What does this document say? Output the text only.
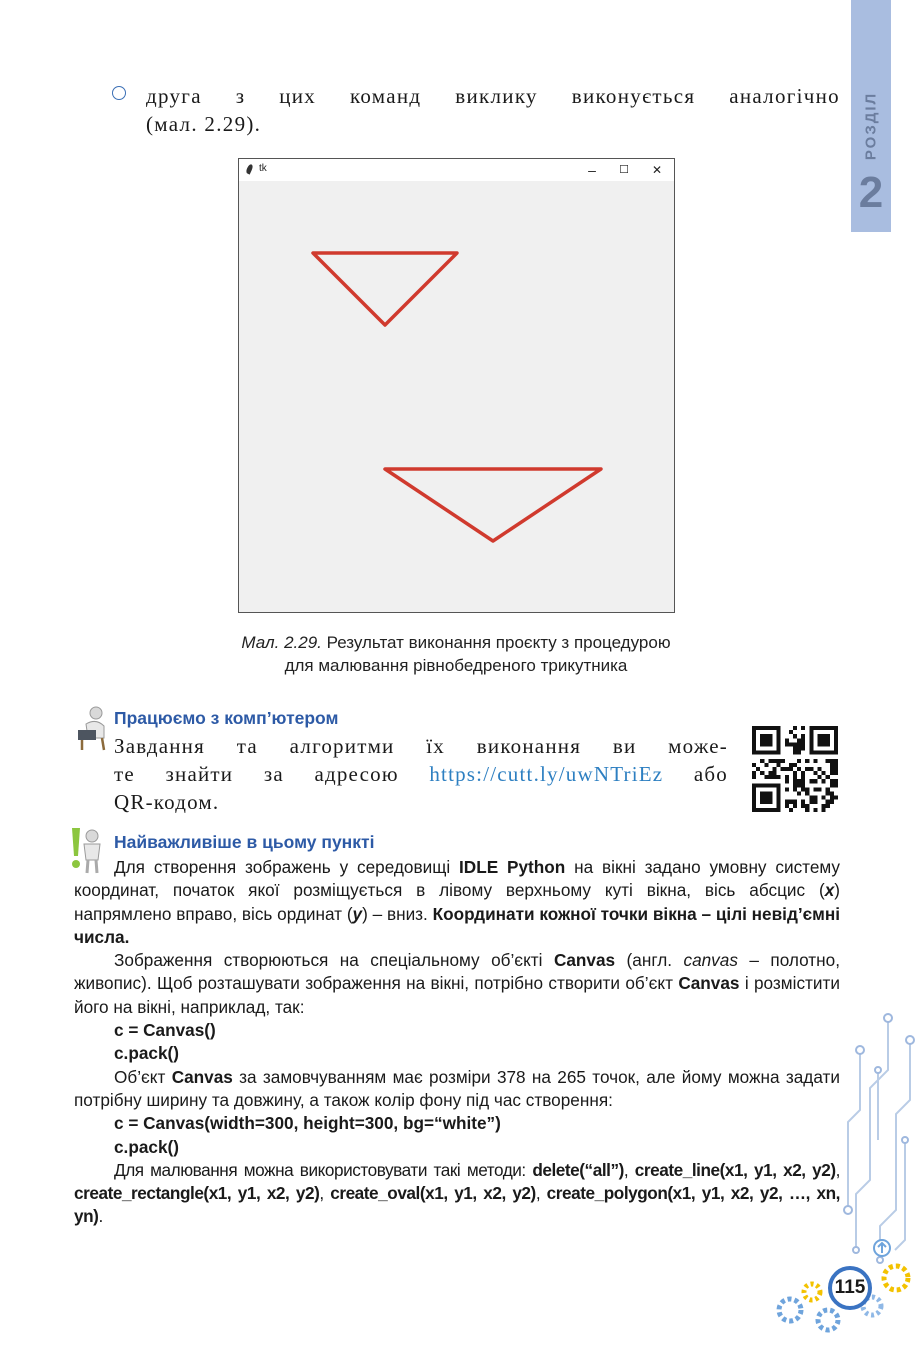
РОЗДІЛ
2
друга з цих команд виклику виконується аналогічно
(мал. 2.29).
tk	–	☐	✕
Мал. 2.29. Результат виконання проєкту з процедурою
для малювання рівнобедреного трикутника
Працюємо з комп’ютером
Завдання та алгоритми їх виконання ви може-
те знайти за адресою https://cutt.ly/uwNTriEz або
QR-кодом.
Найважливіше в цьому пункті

Для створення зображень у середовищі IDLE Python на вікні задано умовну систему координат, початок якої розміщується в лівому верхньому куті вікна, вісь абсцис (x) напрямлено вправо, вісь ординат (y) – вниз. Координати кожної точки вікна – цілі невід’ємні числа.

Зображення створюються на спеціальному об’єкті Canvas (англ. canvas – полотно, живопис). Щоб розташувати зображення на вікні, потрібно створити об’єкт Canvas і розмістити його на вікні, наприклад, так:

c = Canvas()

c.pack()

Об’єкт Canvas за замовчуванням має розміри 378 на 265 точок, але йому можна задати потрібну ширину та довжину, а також колір фону під час створення:

c = Canvas(width=300, height=300, bg=“white”)

c.pack()

Для малювання можна використовувати такі методи: delete(“all”), create_line(x1, y1, x2, y2), create_rectangle(x1, y1, x2, y2), create_oval(x1, y1, x2, y2), create_polygon(x1, y1, x2, y2, …, xn, yn).

115
